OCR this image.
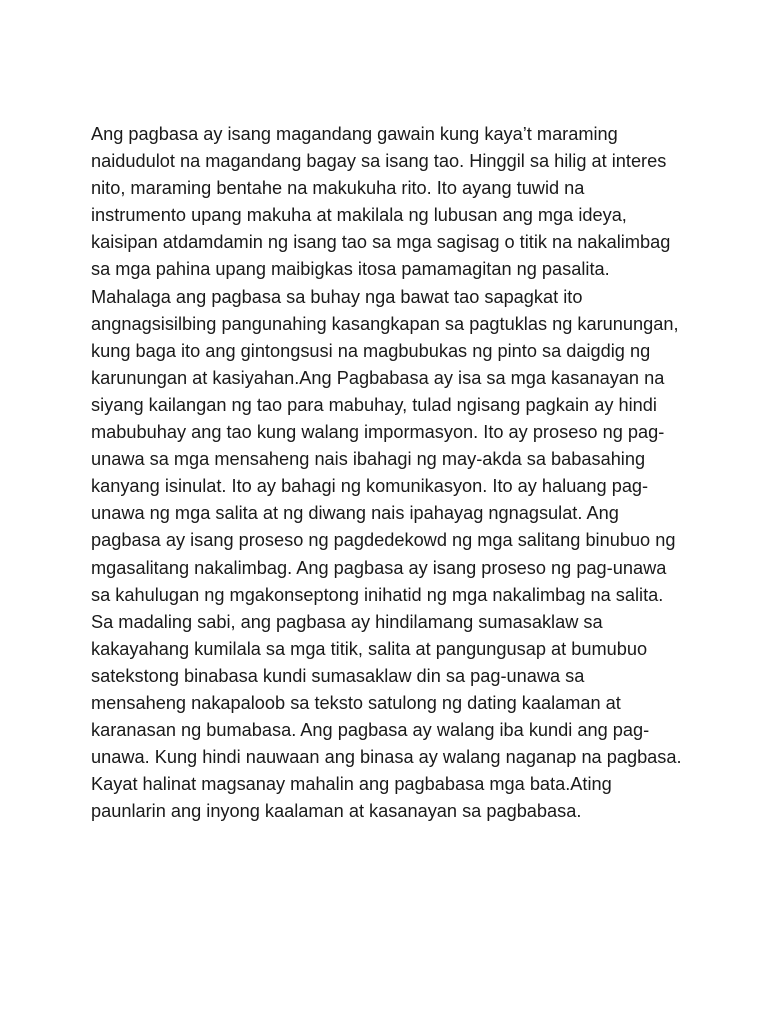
Ang pagbasa ay isang magandang gawain kung kaya’t maraming
naidudulot na magandang bagay sa isang tao. Hinggil sa hilig at interes
nito, maraming bentahe na makukuha rito. Ito ayang tuwid na
instrumento upang makuha at makilala ng lubusan ang mga ideya,
kaisipan atdamdamin ng isang tao sa mga sagisag o titik na nakalimbag
sa mga pahina upang maibigkas itosa pamamagitan ng pasalita.
Mahalaga ang pagbasa sa buhay nga bawat tao sapagkat ito
angnagsisilbing pangunahing kasangkapan sa pagtuklas ng karunungan,
kung baga ito ang gintongsusi na magbubukas ng pinto sa daigdig ng
karunungan at kasiyahan.Ang Pagbabasa ay isa sa mga kasanayan na
siyang kailangan ng tao para mabuhay, tulad ngisang pagkain ay hindi
mabubuhay ang tao kung walang impormasyon. Ito ay proseso ng pag-
unawa sa mga mensaheng nais ibahagi ng may-akda sa babasahing
kanyang isinulat. Ito ay bahagi ng komunikasyon. Ito ay haluang pag-
unawa ng mga salita at ng diwang nais ipahayag ngnagsulat. Ang
pagbasa ay isang proseso ng pagdedekowd ng mga salitang binubuo ng
mgasalitang nakalimbag. Ang pagbasa ay isang proseso ng pag-unawa
sa kahulugan ng mgakonseptong inihatid ng mga nakalimbag na salita.
Sa madaling sabi, ang pagbasa ay hindilamang sumasaklaw sa
kakayahang kumilala sa mga titik, salita at pangungusap at bumubuo
satekstong binabasa kundi sumasaklaw din sa pag-unawa sa
mensaheng nakapaloob sa teksto satulong ng dating kaalaman at
karanasan ng bumabasa. Ang pagbasa ay walang iba kundi ang pag-
unawa. Kung hindi nauwaan ang binasa ay walang naganap na pagbasa.
Kayat halinat magsanay mahalin ang pagbabasa mga bata.Ating
paunlarin ang inyong kaalaman at kasanayan sa pagbabasa.
